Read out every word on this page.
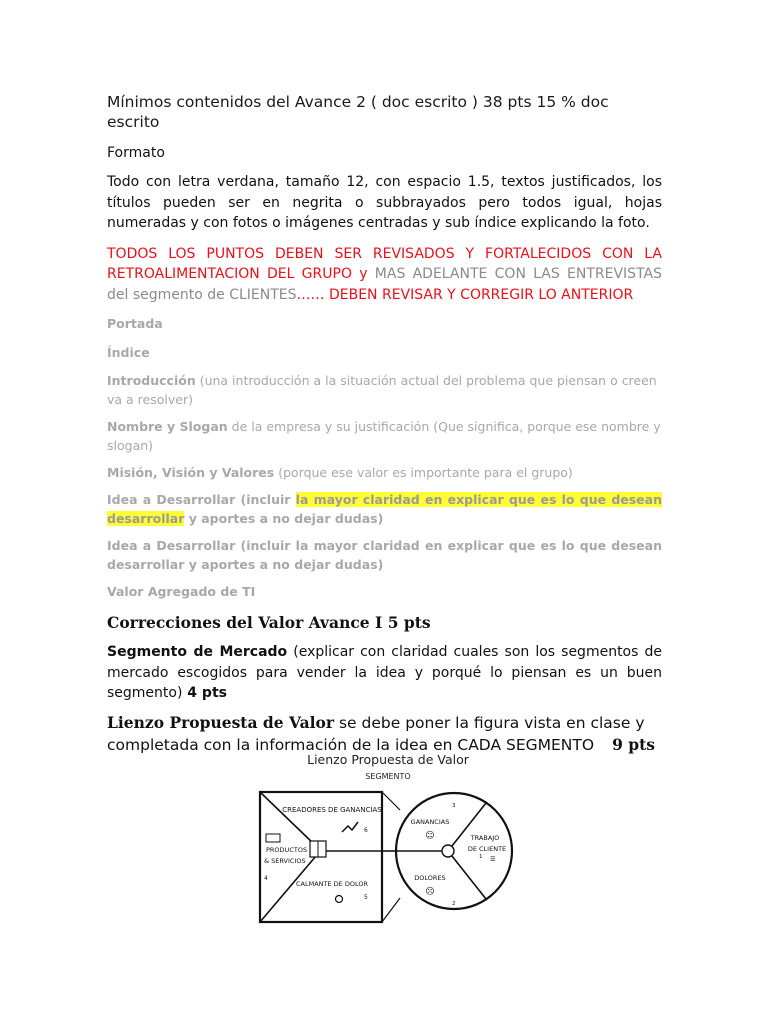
Mínimos contenidos del Avance 2 ( doc escrito ) 38 pts 15 % doc escrito

Formato

Todo con letra verdana, tamaño 12, con espacio 1.5, textos justificados, los títulos pueden ser en negrita o subbrayados pero todos igual, hojas numeradas y con fotos o imágenes centradas y sub índice explicando la foto.

TODOS LOS PUNTOS DEBEN SER REVISADOS Y FORTALECIDOS CON LA RETROALIMENTACION DEL GRUPO y MAS ADELANTE CON LAS ENTREVISTAS del segmento de CLIENTES…… DEBEN REVISAR Y CORREGIR LO ANTERIOR

Portada

Índice

Introducción (una introducción a la situación actual del problema que piensan o creen va a resolver)

Nombre y Slogan de la empresa y su justificación (Que significa, porque ese nombre y slogan)

Misión, Visión y Valores (porque ese valor es importante para el grupo)

Idea a Desarrollar (incluir la mayor claridad en explicar que es lo que desean desarrollar y aportes a no dejar dudas)

Idea a Desarrollar (incluir la mayor claridad en explicar que es lo que desean desarrollar y aportes a no dejar dudas)

Valor Agregado de TI

Correcciones del Valor Avance I 5 pts

Segmento de Mercado (explicar con claridad cuales son los segmentos de mercado escogidos para vender la idea y porqué lo piensan es un buen segmento) 4 pts

Lienzo Propuesta de Valor se debe poner la figura vista en clase y completada con la información de la idea en CADA SEGMENTO 9 pts

Lienzo Propuesta de Valor
SEGMENTO
CREADORES DE GANANCIAS
6
PRODUCTOS
& SERVICIOS
4
CALMANTE DE DOLOR
5
3
GANANCIAS
☺	TRABAJO
DE CLIENTE
☰
1
DOLORES
☹
2
